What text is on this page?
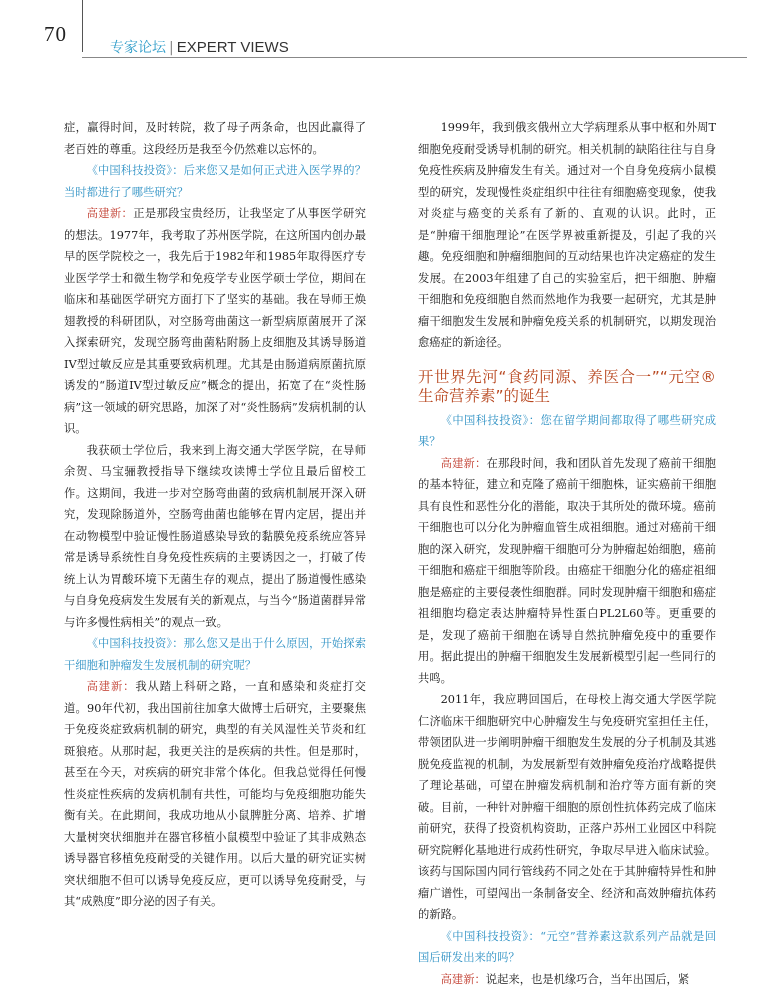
70
专家论坛 | EXPERT VIEWS

症，赢得时间，及时转院，救了母子两条命，也因此赢得了老百姓的尊重。这段经历是我至今仍然难以忘怀的。

《中国科技投资》：后来您又是如何正式进入医学界的？当时都进行了哪些研究？

高建新：正是那段宝贵经历，让我坚定了从事医学研究的想法。1977年，我考取了苏州医学院，在这所国内创办最早的医学院校之一，我先后于1982年和1985年取得医疗专业医学学士和微生物学和免疫学专业医学硕士学位，期间在临床和基础医学研究方面打下了坚实的基础。我在导师王焕翅教授的科研团队，对空肠弯曲菌这一新型病原菌展开了深入探索研究，发现空肠弯曲菌粘附肠上皮细胞及其诱导肠道IV型过敏反应是其重要致病机理。尤其是由肠道病原菌抗原诱发的“肠道IV型过敏反应”概念的提出，拓宽了在“炎性肠病”这一领域的研究思路，加深了对“炎性肠病”发病机制的认识。

我获硕士学位后，我来到上海交通大学医学院，在导师余贺、马宝骊教授指导下继续攻读博士学位且最后留校工作。这期间，我进一步对空肠弯曲菌的致病机制展开深入研究，发现除肠道外，空肠弯曲菌也能够在胃内定居，提出并在动物模型中验证慢性肠道感染导致的黏膜免疫系统应答异常是诱导系统性自身免疫性疾病的主要诱因之一，打破了传统上认为胃酸环境下无菌生存的观点，提出了肠道慢性感染与自身免疫病发生发展有关的新观点，与当今“肠道菌群异常与许多慢性病相关”的观点一致。

《中国科技投资》：那么您又是出于什么原因，开始探索干细胞和肿瘤发生发展机制的研究呢？

高建新：我从踏上科研之路，一直和感染和炎症打交道。90年代初，我出国前往加拿大做博士后研究，主要聚焦于免疫炎症致病机制的研究，典型的有关风湿性关节炎和红斑狼疮。从那时起，我更关注的是疾病的共性。但是那时，甚至在今天，对疾病的研究非常个体化。但我总觉得任何慢性炎症性疾病的发病机制有共性，可能均与免疫细胞功能失衡有关。在此期间，我成功地从小鼠脾脏分离、培养、扩增大量树突状细胞并在器官移植小鼠模型中验证了其非成熟态诱导器官移植免疫耐受的关键作用。以后大量的研究证实树突状细胞不但可以诱导免疫反应，更可以诱导免疫耐受，与其“成熟度”即分泌的因子有关。

1999年，我到俄亥俄州立大学病理系从事中枢和外周T细胞免疫耐受诱导机制的研究。相关机制的缺陷往往与自身免疫性疾病及肿瘤发生有关。通过对一个自身免疫病小鼠模型的研究，发现慢性炎症组织中往往有细胞癌变现象，使我对炎症与癌变的关系有了新的、直观的认识。此时，正是“肿瘤干细胞理论”在医学界被重新提及，引起了我的兴趣。免疫细胞和肿瘤细胞间的互动结果也许决定癌症的发生发展。在2003年组建了自己的实验室后，把干细胞、肿瘤干细胞和免疫细胞自然而然地作为我要一起研究，尤其是肿瘤干细胞发生发展和肿瘤免疫关系的机制研究，以期发现治愈癌症的新途径。

开世界先河“食药同源、养医合一”“元空®生命营养素”的诞生

《中国科技投资》：您在留学期间都取得了哪些研究成果？

高建新：在那段时间，我和团队首先发现了癌前干细胞的基本特征，建立和克隆了癌前干细胞株，证实癌前干细胞具有良性和恶性分化的潜能，取决于其所处的微环境。癌前干细胞也可以分化为肿瘤血管生成祖细胞。通过对癌前干细胞的深入研究，发现肿瘤干细胞可分为肿瘤起始细胞，癌前干细胞和癌症干细胞等阶段。由癌症干细胞分化的癌症祖细胞是癌症的主要侵袭性细胞群。同时发现肿瘤干细胞和癌症祖细胞均稳定表达肿瘤特异性蛋白PL2L60等。更重要的是，发现了癌前干细胞在诱导自然抗肿瘤免疫中的重要作用。据此提出的肿瘤干细胞发生发展新模型引起一些同行的共鸣。

2011年，我应聘回国后，在母校上海交通大学医学院仁济临床干细胞研究中心肿瘤发生与免疫研究室担任主任，带领团队进一步阐明肿瘤干细胞发生发展的分子机制及其逃脱免疫监视的机制，为发展新型有效肿瘤免疫治疗战略提供了理论基础，可望在肿瘤发病机制和治疗等方面有新的突破。目前，一种针对肿瘤干细胞的原创性抗体药完成了临床前研究，获得了投资机构资助，正落户苏州工业园区中科院研究院孵化基地进行成药性研究，争取尽早进入临床试验。该药与国际国内同行管线药不同之处在于其肿瘤特异性和肿瘤广谱性，可望闯出一条制备安全、经济和高效肿瘤抗体药的新路。

《中国科技投资》：“元空”营养素这款系列产品就是回国后研发出来的吗？

高建新：说起来，也是机缘巧合，当年出国后，紧
